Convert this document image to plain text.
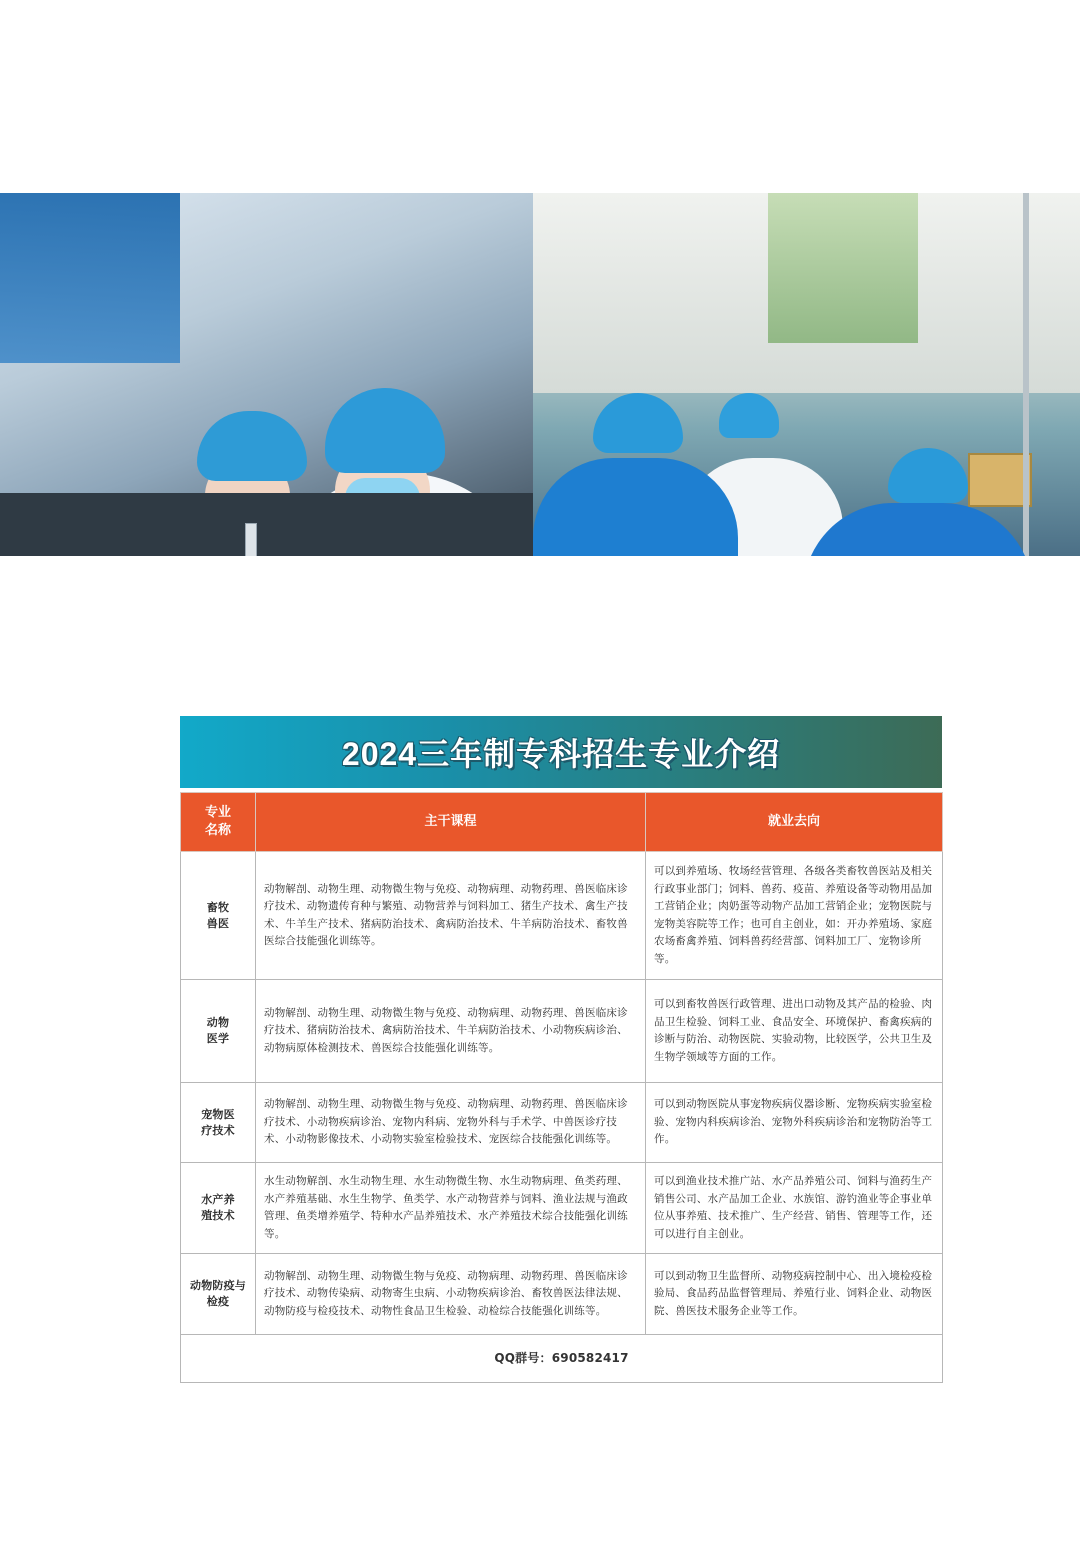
2024三年制专科招生专业介绍
专业
名称	主干课程	就业去向

畜牧
兽医	动物解剖、动物生理、动物微生物与免疫、动物病理、动物药理、兽医临床诊疗技术、动物遗传育种与繁殖、动物营养与饲料加工、猪生产技术、禽生产技术、牛羊生产技术、猪病防治技术、禽病防治技术、牛羊病防治技术、畜牧兽医综合技能强化训练等。	可以到养殖场、牧场经营管理、各级各类畜牧兽医站及相关行政事业部门；饲料、兽药、疫苗、养殖设备等动物用品加工营销企业；肉奶蛋等动物产品加工营销企业；宠物医院与宠物美容院等工作；也可自主创业，如：开办养殖场、家庭农场畜禽养殖、饲料兽药经营部、饲料加工厂、宠物诊所等。

动物
医学	动物解剖、动物生理、动物微生物与免疫、动物病理、动物药理、兽医临床诊疗技术、猪病防治技术、禽病防治技术、牛羊病防治技术、小动物疾病诊治、动物病原体检测技术、兽医综合技能强化训练等。	可以到畜牧兽医行政管理、进出口动物及其产品的检验、肉品卫生检验、饲料工业、食品安全、环境保护、畜禽疾病的诊断与防治、动物医院、实验动物，比较医学，公共卫生及生物学领域等方面的工作。

宠物医
疗技术	动物解剖、动物生理、动物微生物与免疫、动物病理、动物药理、兽医临床诊疗技术、小动物疾病诊治、宠物内科病、宠物外科与手术学、中兽医诊疗技术、小动物影像技术、小动物实验室检验技术、宠医综合技能强化训练等。	可以到动物医院从事宠物疾病仪器诊断、宠物疾病实验室检验、宠物内科疾病诊治、宠物外科疾病诊治和宠物防治等工作。

水产养
殖技术	水生动物解剖、水生动物生理、水生动物微生物、水生动物病理、鱼类药理、水产养殖基础、水生生物学、鱼类学、水产动物营养与饲料、渔业法规与渔政管理、鱼类增养殖学、特种水产品养殖技术、水产养殖技术综合技能强化训练等。	可以到渔业技术推广站、水产品养殖公司、饲料与渔药生产销售公司、水产品加工企业、水族馆、游钓渔业等企事业单位从事养殖、技术推广、生产经营、销售、管理等工作，还可以进行自主创业。

动物防疫与
检疫	动物解剖、动物生理、动物微生物与免疫、动物病理、动物药理、兽医临床诊疗技术、动物传染病、动物寄生虫病、小动物疾病诊治、畜牧兽医法律法规、动物防疫与检疫技术、动物性食品卫生检验、动检综合技能强化训练等。	可以到动物卫生监督所、动物疫病控制中心、出入境检疫检验局、食品药品监督管理局、养殖行业、饲料企业、动物医院、兽医技术服务企业等工作。
QQ群号：690582417		
